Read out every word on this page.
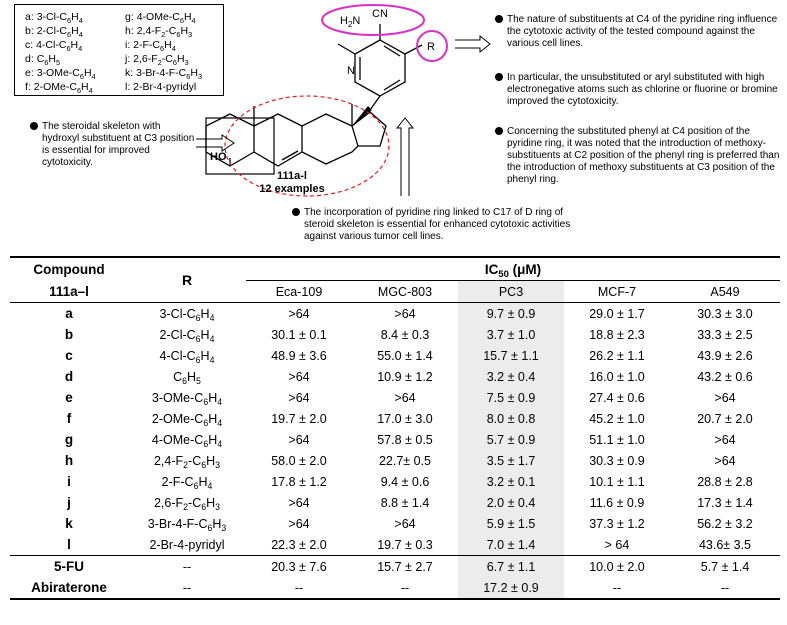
a: $3-Cl-C_6H_4$
b: $2-Cl-C_6H_4$
c: $4-Cl-C_6H_4$
d: $C_6H_5$
e: $3-OMe-C_6H_4$
f: $2-OMe-C_6H_4$
g: $4-OMe-C_6H_4$
h: $2,4-F_2-C_6H_3$
i: $2-F-C_6H_4$
j: $2,6-F_2-C_6H_3$
k: $3-Br-4-F-C_6H_3$
l: 2-Br-4-pyridyl
$H_2N$
CN
N
R
HO
111a-l
12 examples
The steroidal skeleton with hydroxyl substituent at C3 position is essential for improved cytotoxicity.
The incorporation of pyridine ring linked to C17 of D ring of steroid skeleton is essential for enhanced cytotoxic activities against various tumor cell lines.
The nature of substituents at C4 of the pyridine ring influence the cytotoxic activity of the tested compound against the various cell lines.
In particular, the unsubstituted or aryl substituted with high electronegative atoms such as chlorine or fluorine or bromine improved the cytotoxicity.
Concerning the substituted phenyl at C4 position of the pyridine ring, it was noted that the introduction of methoxy- substituents at C2 position of the phenyl ring is preferred than the introduction of methoxy substituents at C3 position of the phenyl ring.
Compound	R	$IC_{50}$ (μM)				
111a–l		Eca-109	MGC-803	PC3	MCF-7	A549
a	$3-Cl-C_6H_4$	>64	>64	9.7 ± 0.9	29.0 ± 1.7	30.3 ± 3.0
b	$2-Cl-C_6H_4$	30.1 ± 0.1	8.4 ± 0.3	3.7 ± 1.0	18.8 ± 2.3	33.3 ± 2.5
c	$4-Cl-C_6H_4$	48.9 ± 3.6	55.0 ± 1.4	15.7 ± 1.1	26.2 ± 1.1	43.9 ± 2.6
d	$C_6H_5$	>64	10.9 ± 1.2	3.2 ± 0.4	16.0 ± 1.0	43.2 ± 0.6
e	$3-OMe-C_6H_4$	>64	>64	7.5 ± 0.9	27.4 ± 0.6	>64
f	$2-OMe-C_6H_4$	19.7 ± 2.0	17.0 ± 3.0	8.0 ± 0.8	45.2 ± 1.0	20.7 ± 2.0
g	$4-OMe-C_6H_4$	>64	57.8 ± 0.5	5.7 ± 0.9	51.1 ± 1.0	>64
h	$2,4-F_2-C_6H_3$	58.0 ± 2.0	22.7± 0.5	3.5 ± 1.7	30.3 ± 0.9	>64
i	$2-F-C_6H_4$	17.8 ± 1.2	9.4 ± 0.6	3.2 ± 0.1	10.1 ± 1.1	28.8 ± 2.8
j	$2,6-F_2-C_6H_3$	>64	8.8 ± 1.4	2.0 ± 0.4	11.6 ± 0.9	17.3 ± 1.4
k	$3-Br-4-F-C_6H_3$	>64	>64	5.9 ± 1.5	37.3 ± 1.2	56.2 ± 3.2
l	2-Br-4-pyridyl	22.3 ± 2.0	19.7 ± 0.3	7.0 ± 1.4	> 64	43.6± 3.5
5-FU	--	20.3 ± 7.6	15.7 ± 2.7	6.7 ± 1.1	10.0 ± 2.0	5.7 ± 1.4
Abiraterone	--	--	--	17.2 ± 0.9	--	--
